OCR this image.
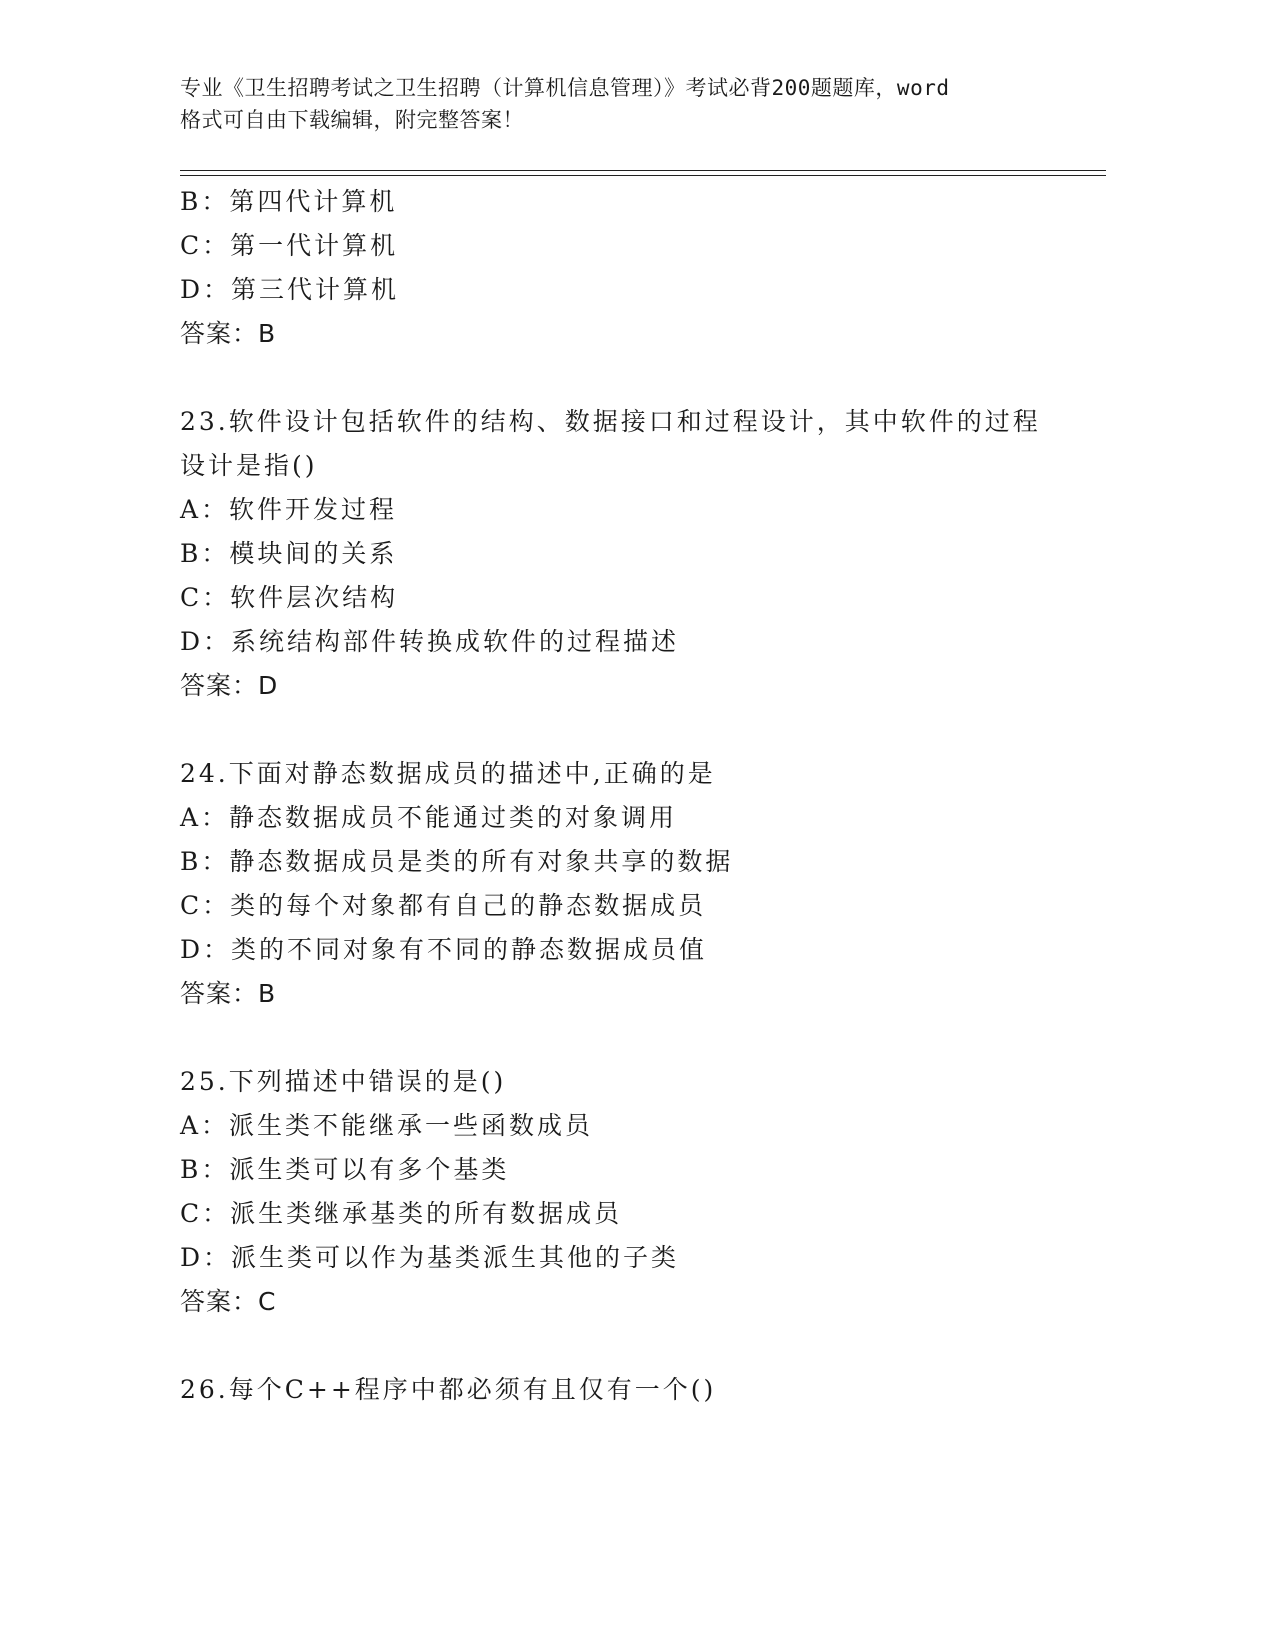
专业《卫生招聘考试之卫生招聘（计算机信息管理）》考试必背200题题库，word
格式可自由下载编辑，附完整答案！
B：第四代计算机
C：第一代计算机
D：第三代计算机
答案：B
23.软件设计包括软件的结构、数据接口和过程设计，其中软件的过程
设计是指()
A：软件开发过程
B：模块间的关系
C：软件层次结构
D：系统结构部件转换成软件的过程描述
答案：D
24.下面对静态数据成员的描述中,正确的是
A：静态数据成员不能通过类的对象调用
B：静态数据成员是类的所有对象共享的数据
C：类的每个对象都有自己的静态数据成员
D：类的不同对象有不同的静态数据成员值
答案：B
25.下列描述中错误的是()
A：派生类不能继承一些函数成员
B：派生类可以有多个基类
C：派生类继承基类的所有数据成员
D：派生类可以作为基类派生其他的子类
答案：C
26.每个C++程序中都必须有且仅有一个()
